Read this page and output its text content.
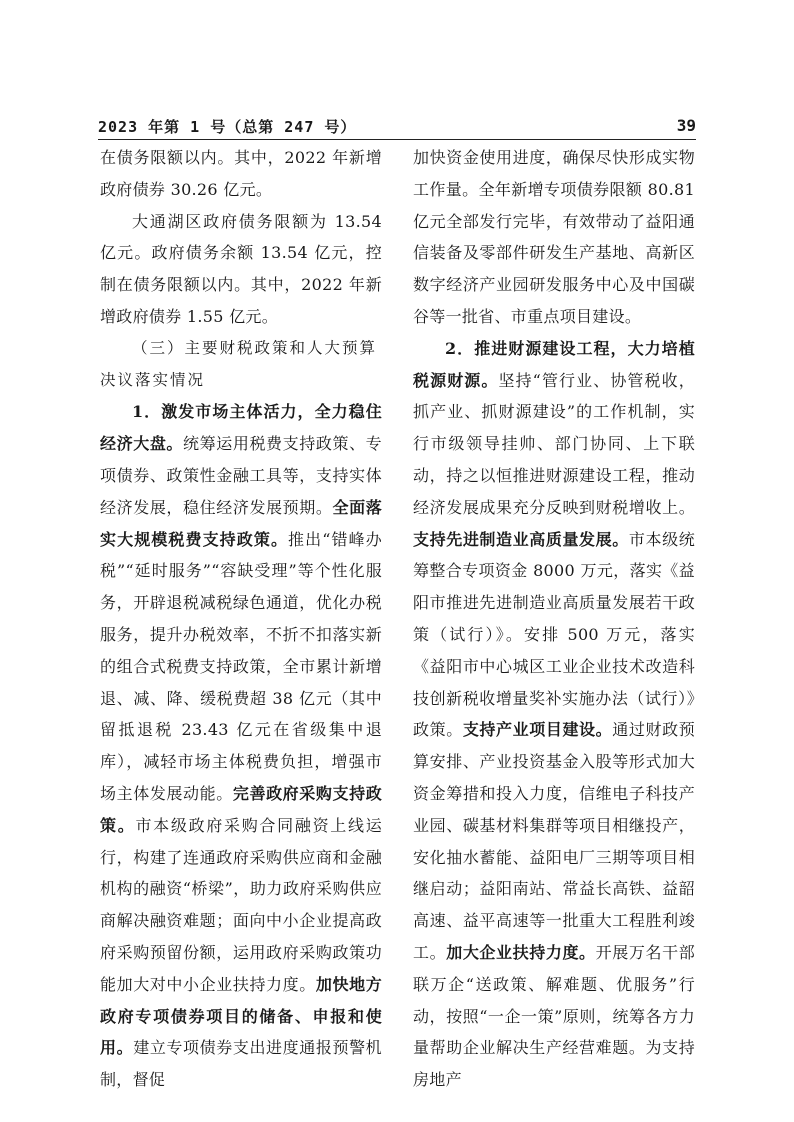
2023 年第 1 号（总第 247 号）	39

在债务限额以内。其中，2022 年新增政府债券 30.26 亿元。

大通湖区政府债务限额为 13.54 亿元。政府债务余额 13.54 亿元，控制在债务限额以内。其中，2022 年新增政府债券 1.55 亿元。

（三）主要财税政策和人大预算决议落实情况

1．激发市场主体活力，全力稳住经济大盘。统筹运用税费支持政策、专项债券、政策性金融工具等，支持实体经济发展，稳住经济发展预期。全面落实大规模税费支持政策。推出“错峰办税”“延时服务”“容缺受理”等个性化服务，开辟退税减税绿色通道，优化办税服务，提升办税效率，不折不扣落实新的组合式税费支持政策，全市累计新增退、减、降、缓税费超 38 亿元（其中留抵退税 23.43 亿元在省级集中退库），减轻市场主体税费负担，增强市场主体发展动能。完善政府采购支持政策。市本级政府采购合同融资上线运行，构建了连通政府采购供应商和金融机构的融资“桥梁”，助力政府采购供应商解决融资难题；面向中小企业提高政府采购预留份额，运用政府采购政策功能加大对中小企业扶持力度。加快地方政府专项债券项目的储备、申报和使用。建立专项债券支出进度通报预警机制，督促

加快资金使用进度，确保尽快形成实物工作量。全年新增专项债券限额 80.81 亿元全部发行完毕，有效带动了益阳通信装备及零部件研发生产基地、高新区数字经济产业园研发服务中心及中国碳谷等一批省、市重点项目建设。

2．推进财源建设工程，大力培植税源财源。坚持“管行业、协管税收，抓产业、抓财源建设”的工作机制，实行市级领导挂帅、部门协同、上下联动，持之以恒推进财源建设工程，推动经济发展成果充分反映到财税增收上。支持先进制造业高质量发展。市本级统筹整合专项资金 8000 万元，落实《益阳市推进先进制造业高质量发展若干政策（试行）》。安排 500 万元，落实《益阳市中心城区工业企业技术改造科技创新税收增量奖补实施办法（试行）》政策。支持产业项目建设。通过财政预算安排、产业投资基金入股等形式加大资金筹措和投入力度，信维电子科技产业园、碳基材料集群等项目相继投产，安化抽水蓄能、益阳电厂三期等项目相继启动；益阳南站、常益长高铁、益韶高速、益平高速等一批重大工程胜利竣工。加大企业扶持力度。开展万名干部联万企“送政策、解难题、优服务”行动，按照“一企一策”原则，统筹各方力量帮助企业解决生产经营难题。为支持房地产
